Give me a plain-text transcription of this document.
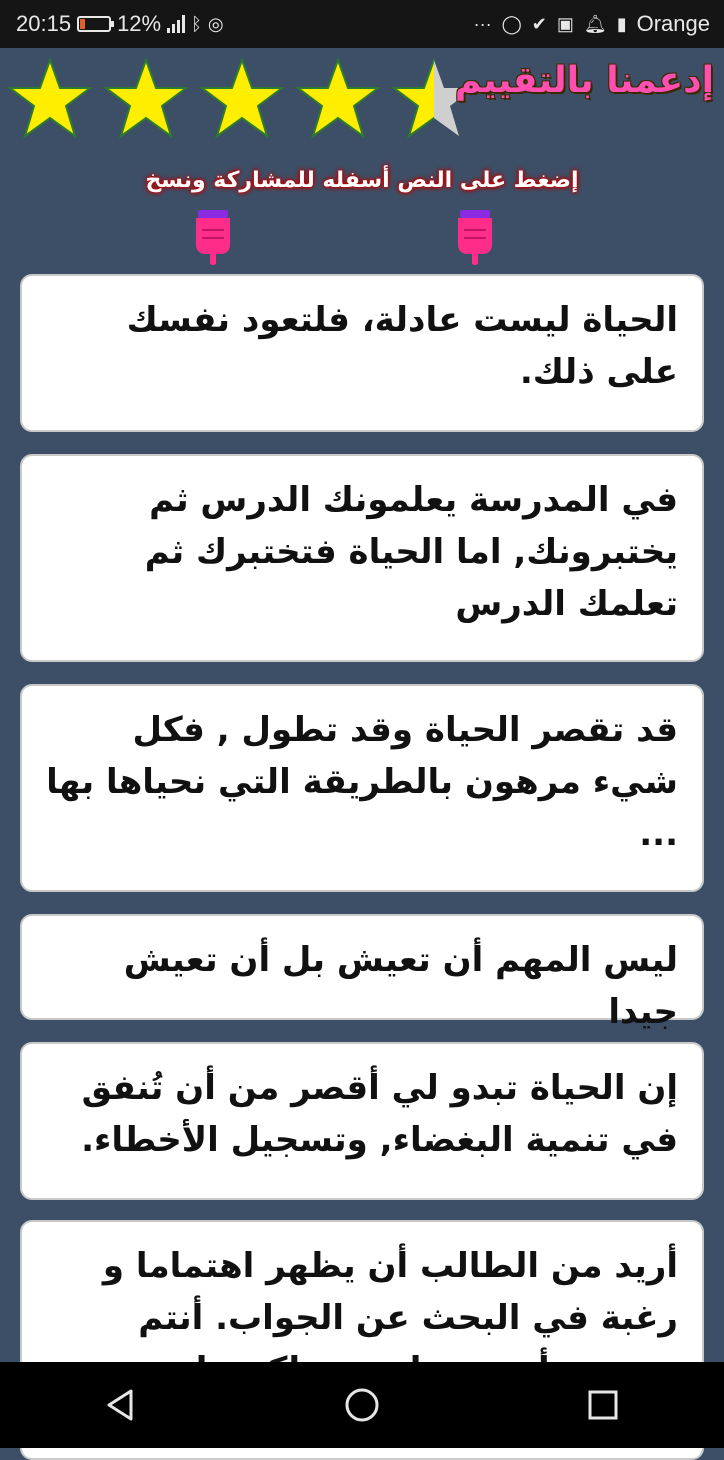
20:15 12% ᛒ ◎	··· ◯ ✔ ▣ 🔔︎ ▮ Orange
إدعمنا بالتقييم
إضغط على النص أسفله للمشاركة ونسخ
الحياة ليست عادلة، فلتعود نفسك على ذلك.
في المدرسة يعلمونك الدرس ثم يختبرونك, اما الحياة فتختبرك ثم تعلمك الدرس
قد تقصر الحياة وقد تطول , فكل شيء مرهون بالطريقة التي نحياها بها ...
ليس المهم أن تعيش بل أن تعيش جيدا
إن الحياة تبدو لي أقصر من أن تُنفق في تنمية البغضاء, وتسجيل الأخطاء.
أريد من الطالب أن يظهر اهتماما و رغبة في البحث عن الجواب. أنتم
